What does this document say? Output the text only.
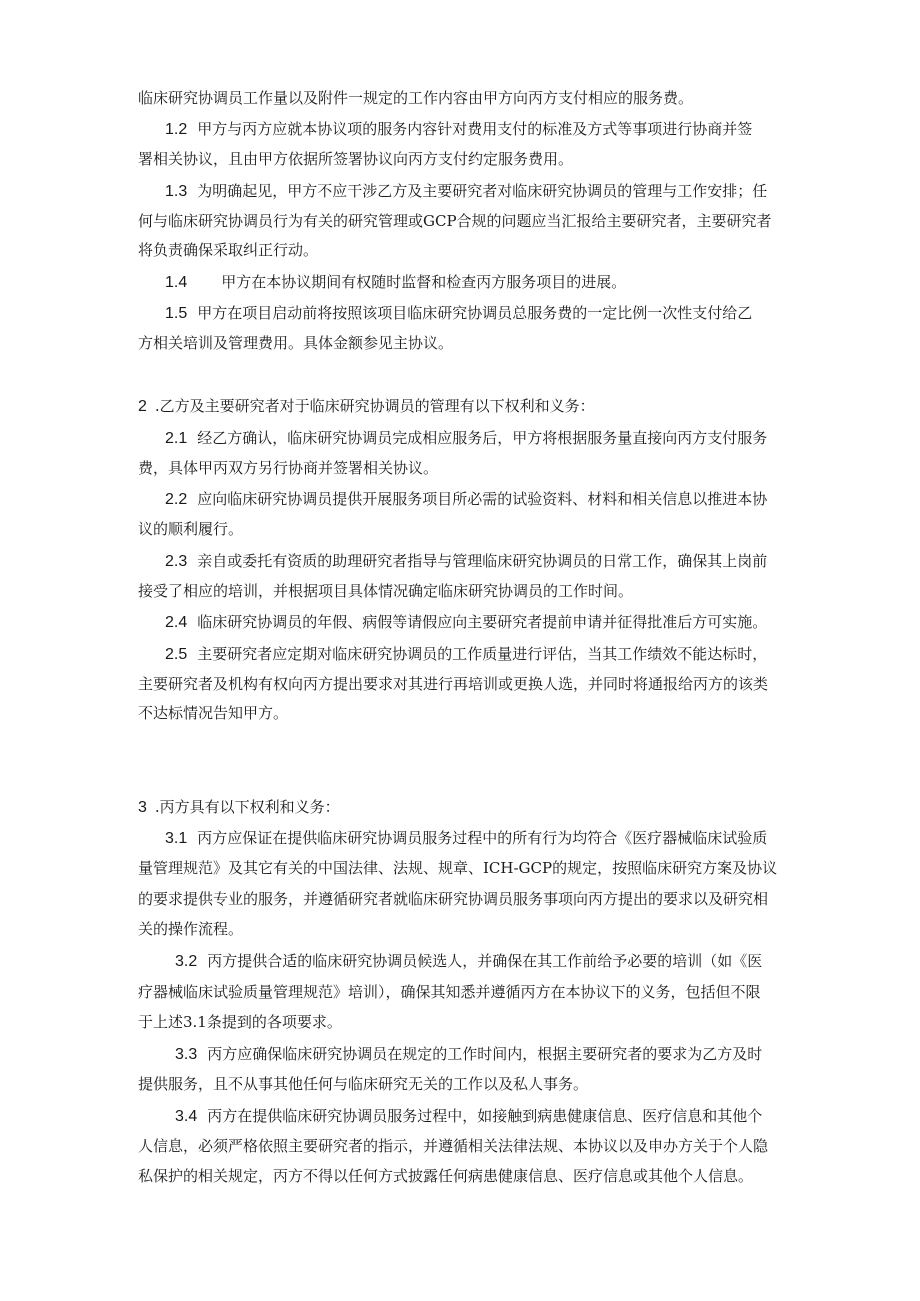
临床研究协调员工作量以及附件一规定的工作内容由甲方向丙方支付相应的服务费。
1.2 甲方与丙方应就本协议项的服务内容针对费用支付的标准及方式等事项进行协商并签
署相关协议，且由甲方依据所签署协议向丙方支付约定服务费用。
1.3 为明确起见，甲方不应干涉乙方及主要研究者对临床研究协调员的管理与工作安排；任
何与临床研究协调员行为有关的研究管理或GCP合规的问题应当汇报给主要研究者，主要研究者
将负责确保采取纠正行动。
1.4 甲方在本协议期间有权随时监督和检查丙方服务项目的进展。
1.5 甲方在项目启动前将按照该项目临床研究协调员总服务费的一定比例一次性支付给乙
方相关培训及管理费用。具体金额参见主协议。
2 .乙方及主要研究者对于临床研究协调员的管理有以下权利和义务：
2.1 经乙方确认，临床研究协调员完成相应服务后，甲方将根据服务量直接向丙方支付服务
费，具体甲丙双方另行协商并签署相关协议。
2.2 应向临床研究协调员提供开展服务项目所必需的试验资料、材料和相关信息以推进本协
议的顺利履行。
2.3 亲自或委托有资质的助理研究者指导与管理临床研究协调员的日常工作，确保其上岗前
接受了相应的培训，并根据项目具体情况确定临床研究协调员的工作时间。
2.4 临床研究协调员的年假、病假等请假应向主要研究者提前申请并征得批准后方可实施。
2.5 主要研究者应定期对临床研究协调员的工作质量进行评估，当其工作绩效不能达标时，
主要研究者及机构有权向丙方提出要求对其进行再培训或更换人选，并同时将通报给丙方的该类
不达标情况告知甲方。
3 .丙方具有以下权利和义务：
3.1 丙方应保证在提供临床研究协调员服务过程中的所有行为均符合《医疗器械临床试验质
量管理规范》及其它有关的中国法律、法规、规章、ICH-GCP的规定，按照临床研究方案及协议
的要求提供专业的服务，并遵循研究者就临床研究协调员服务事项向丙方提出的要求以及研究相
关的操作流程。
3.2 丙方提供合适的临床研究协调员候选人，并确保在其工作前给予必要的培训（如《医
疗器械临床试验质量管理规范》培训），确保其知悉并遵循丙方在本协议下的义务，包括但不限
于上述3.1条提到的各项要求。
3.3 丙方应确保临床研究协调员在规定的工作时间内，根据主要研究者的要求为乙方及时
提供服务，且不从事其他任何与临床研究无关的工作以及私人事务。
3.4 丙方在提供临床研究协调员服务过程中，如接触到病患健康信息、医疗信息和其他个
人信息，必须严格依照主要研究者的指示，并遵循相关法律法规、本协议以及申办方关于个人隐
私保护的相关规定，丙方不得以任何方式披露任何病患健康信息、医疗信息或其他个人信息。
